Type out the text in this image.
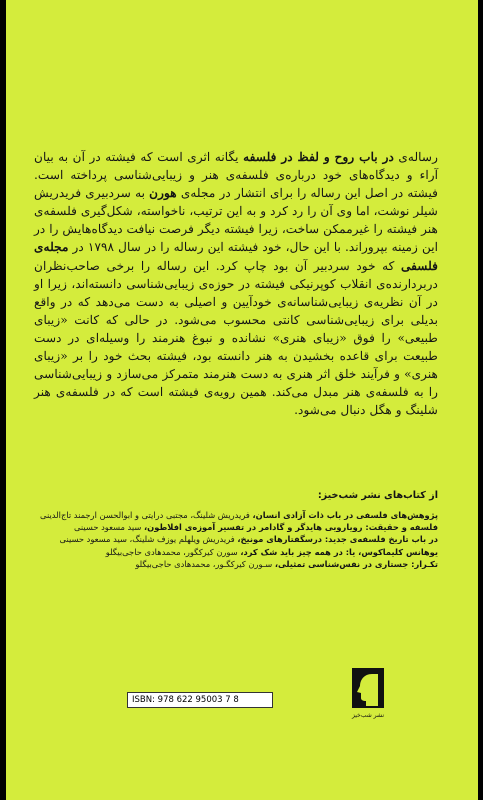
رساله‌ی در باب روح و لفظ در فلسفه یگانه اثری است که فیشته در آن به بیان آراء و دیدگاه‌های خود درباره‌ی فلسفه‌ی هنر و زیبایی‌شناسی پرداخته است. فیشته در اصل این رساله را برای انتشار در مجله‌ی هورن به سردبیری فریدریش شیلر نوشت، اما وی آن را رد کرد و به این ترتیب، ناخواسته، شکل‌گیری فلسفه‌ی هنر فیشته را غیرممکن ساخت، زیرا فیشته دیگر فرصت نیافت دیدگاه‌هایش را در این زمینه بپروراند. با این حال، خود فیشته این رساله را در سال ۱۷۹۸ در مجله‌ی فلسفی که خود سردبیر آن بود چاپ کرد. این رساله را برخی صاحب‌نظران دربردارنده‌ی انقلاب کوپرنیکی فیشته در حوزه‌ی زیبایی‌شناسی دانسته‌اند، زیرا او در آن نظریه‌ی زیبایی‌شناسانه‌ی خودآیین و اصیلی به دست می‌دهد که در واقع بدیلی برای زیبایی‌شناسی کانتی محسوب می‌شود. در حالی که کانت «زیبای طبیعی» را فوق «زیبای هنری» نشانده و نبوغ هنرمند را وسیله‌ای در دست طبیعت برای قاعده بخشیدن به هنر دانسته بود، فیشته بحث خود را بر «زیبای هنری» و فرآیند خلق اثر هنری به دست هنرمند متمرکز می‌سازد و زیبایی‌شناسی را به فلسفه‌ی هنر مبدل می‌کند. همین رویه‌ی فیشته است که در فلسفه‌ی هنر شلینگ و هگل دنبال می‌شود.
از کتاب‌های نشر شب‌خیز:
پژوهش‌های فلسفی در باب ذات آزادی انسان، فریدریش شلینگ، مجتبی درایتی و ابوالحسن ارجمند تاج‌الدینی
فلسفه و حقیقت: رویارویی هایدگر و گادامر در تفسیر آموزه‌ی افلاطون، سید مسعود حسینی
در باب تاریخ فلسفه‌ی جدید: درسگفتارهای مونیخ، فریدریش ویلهلم یوزف شلینگ، سید مسعود حسینی
یوهانس کلیماکوس، یا: در همه چیز باید شک کرد، سورن کیرکگور، محمدهادی حاجی‌بیگلو
تکـرار: جستاری در نفس‌شناسی تمثیلی، سـورن کیرکگـور، محمدهادی حاجی‌بیگلو
ISBN: 978 622 95003 7 8
نشر شب‌خیز
